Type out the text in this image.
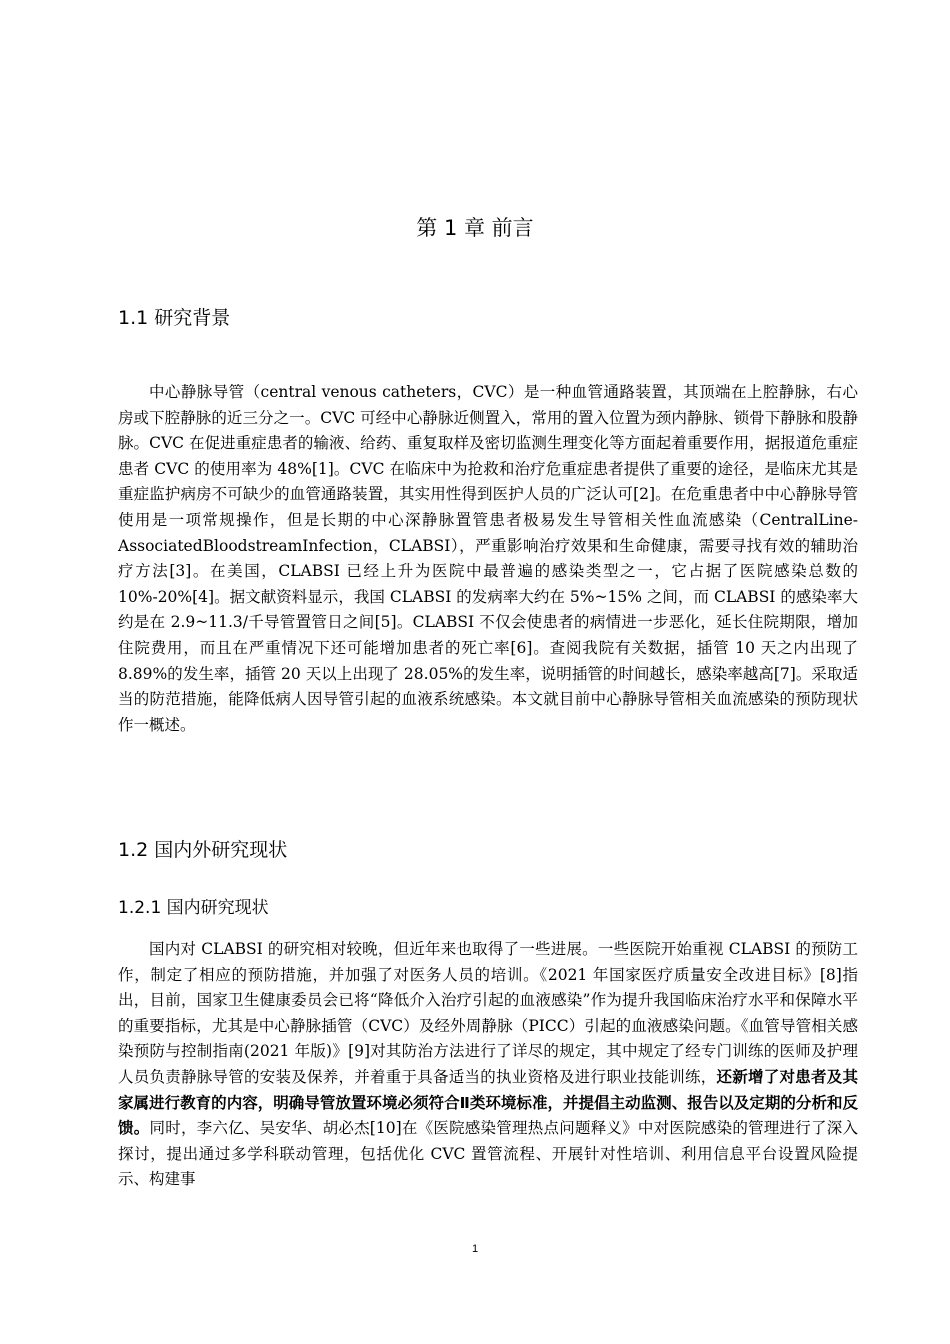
第 1 章 前言
1.1 研究背景
中心静脉导管（central venous catheters，CVC）是一种血管通路装置，其顶端在上腔静脉，右心房或下腔静脉的近三分之一。CVC 可经中心静脉近侧置入，常用的置入位置为颈内静脉、锁骨下静脉和股静脉。CVC 在促进重症患者的输液、给药、重复取样及密切监测生理变化等方面起着重要作用，据报道危重症患者 CVC 的使用率为 48%[1]。CVC 在临床中为抢救和治疗危重症患者提供了重要的途径，是临床尤其是重症监护病房不可缺少的血管通路装置，其实用性得到医护人员的广泛认可[2]。在危重患者中中心静脉导管使用是一项常规操作，但是长期的中心深静脉置管患者极易发生导管相关性血流感染（CentralLine-AssociatedBloodstreamInfection，CLABSI），严重影响治疗效果和生命健康，需要寻找有效的辅助治疗方法[3]。在美国，CLABSI 已经上升为医院中最普遍的感染类型之一，它占据了医院感染总数的 10%-20%[4]。据文献资料显示，我国 CLABSI 的发病率大约在 5%~15% 之间，而 CLABSI 的感染率大约是在 2.9~11.3/千导管置管日之间[5]。CLABSI 不仅会使患者的病情进一步恶化，延长住院期限，增加住院费用，而且在严重情况下还可能增加患者的死亡率[6]。查阅我院有关数据，插管 10 天之内出现了 8.89%的发生率，插管 20 天以上出现了 28.05%的发生率，说明插管的时间越长，感染率越高[7]。采取适当的防范措施，能降低病人因导管引起的血液系统感染。本文就目前中心静脉导管相关血流感染的预防现状作一概述。
1.2 国内外研究现状
1.2.1 国内研究现状
国内对 CLABSI 的研究相对较晚，但近年来也取得了一些进展。一些医院开始重视 CLABSI 的预防工作，制定了相应的预防措施，并加强了对医务人员的培训。《2021 年国家医疗质量安全改进目标》[8]指出，目前，国家卫生健康委员会已将“降低介入治疗引起的血液感染”作为提升我国临床治疗水平和保障水平的重要指标，尤其是中心静脉插管（CVC）及经外周静脉（PICC）引起的血液感染问题。《血管导管相关感染预防与控制指南(2021 年版)》[9]对其防治方法进行了详尽的规定，其中规定了经专门训练的医师及护理人员负责静脉导管的安装及保养，并着重于具备适当的执业资格及进行职业技能训练，还新增了对患者及其家属进行教育的内容，明确导管放置环境必须符合Ⅱ类环境标准，并提倡主动监测、报告以及定期的分析和反馈。同时，李六亿、吴安华、胡必杰[10]在《医院感染管理热点问题释义》中对医院感染的管理进行了深入探讨，提出通过多学科联动管理，包括优化 CVC 置管流程、开展针对性培训、利用信息平台设置风险提示、构建事
1
